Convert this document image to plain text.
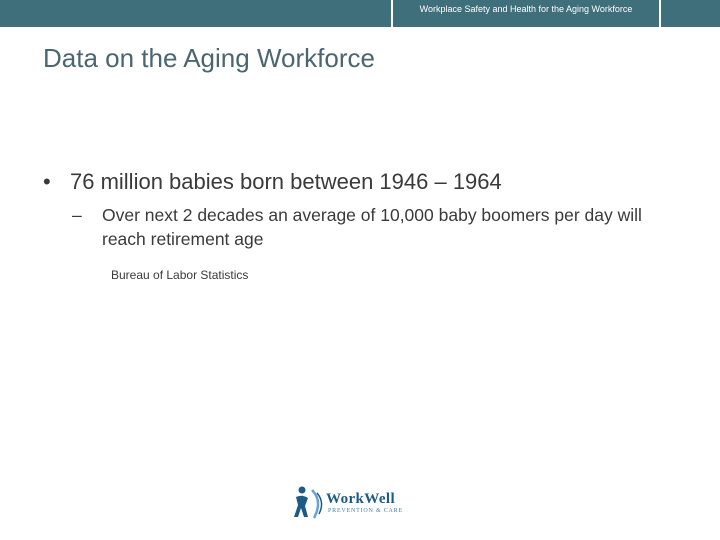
Workplace Safety and Health for the Aging Workforce
Data on the Aging Workforce
• 76 million babies born between 1946 – 1964
– Over next 2 decades an average of 10,000 baby boomers per day will reach retirement age
Bureau of Labor Statistics
WorkWell
PREVENTION & CARE
